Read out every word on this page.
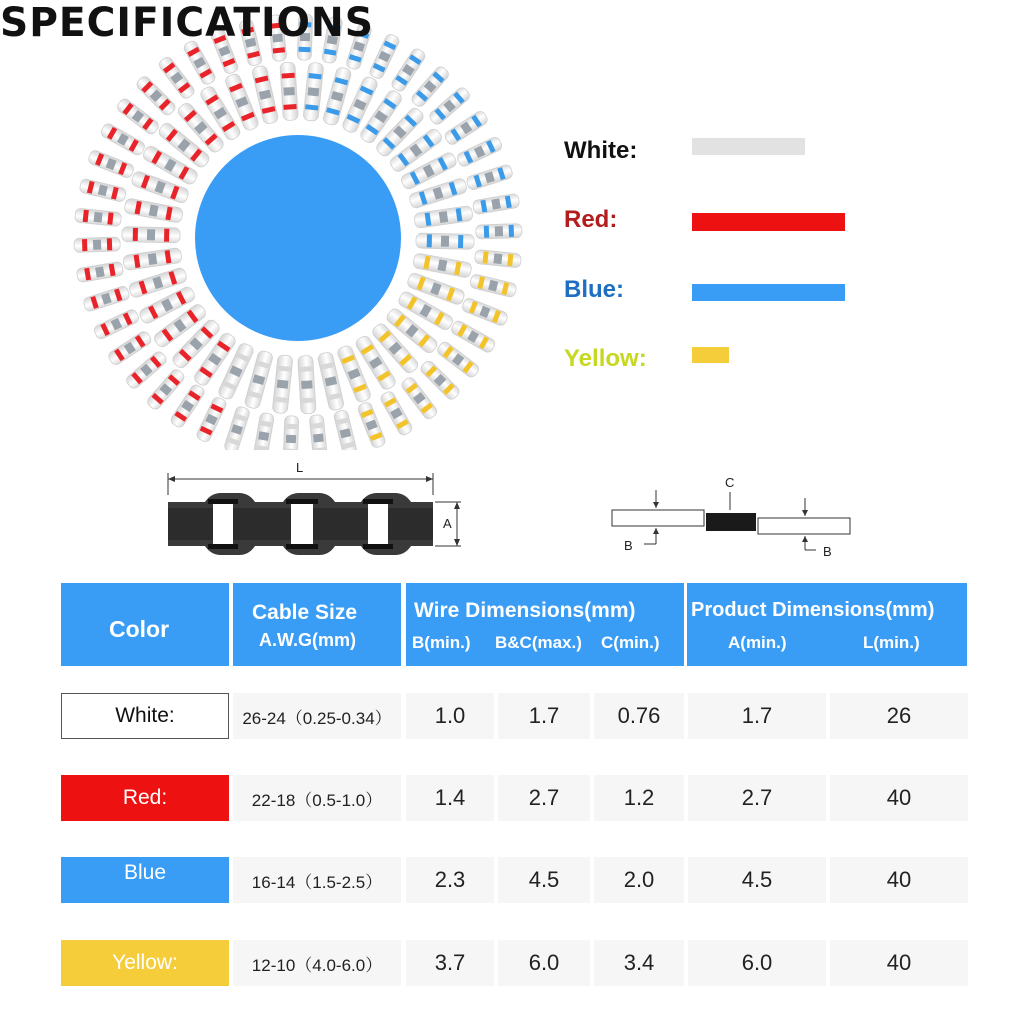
SPECIFICATIONS
White:
Red:
Blue:
Yellow:
L
A
C
B	B
Color
Cable Size
A.W.G(mm)
Wire Dimensions(mm)
B(min.) B&C(max.) C(min.)
Product Dimensions(mm)
A(min.)	L(min.)
White:	26-24（0.25-0.34）	1.0	1.7	0.76	1.7	26
Red:	22-18（0.5-1.0）	1.4	2.7	1.2	2.7	40
Blue	16-14（1.5-2.5）	2.3	4.5	2.0	4.5	40
Yellow:	12-10（4.0-6.0）	3.7	6.0	3.4	6.0	40
